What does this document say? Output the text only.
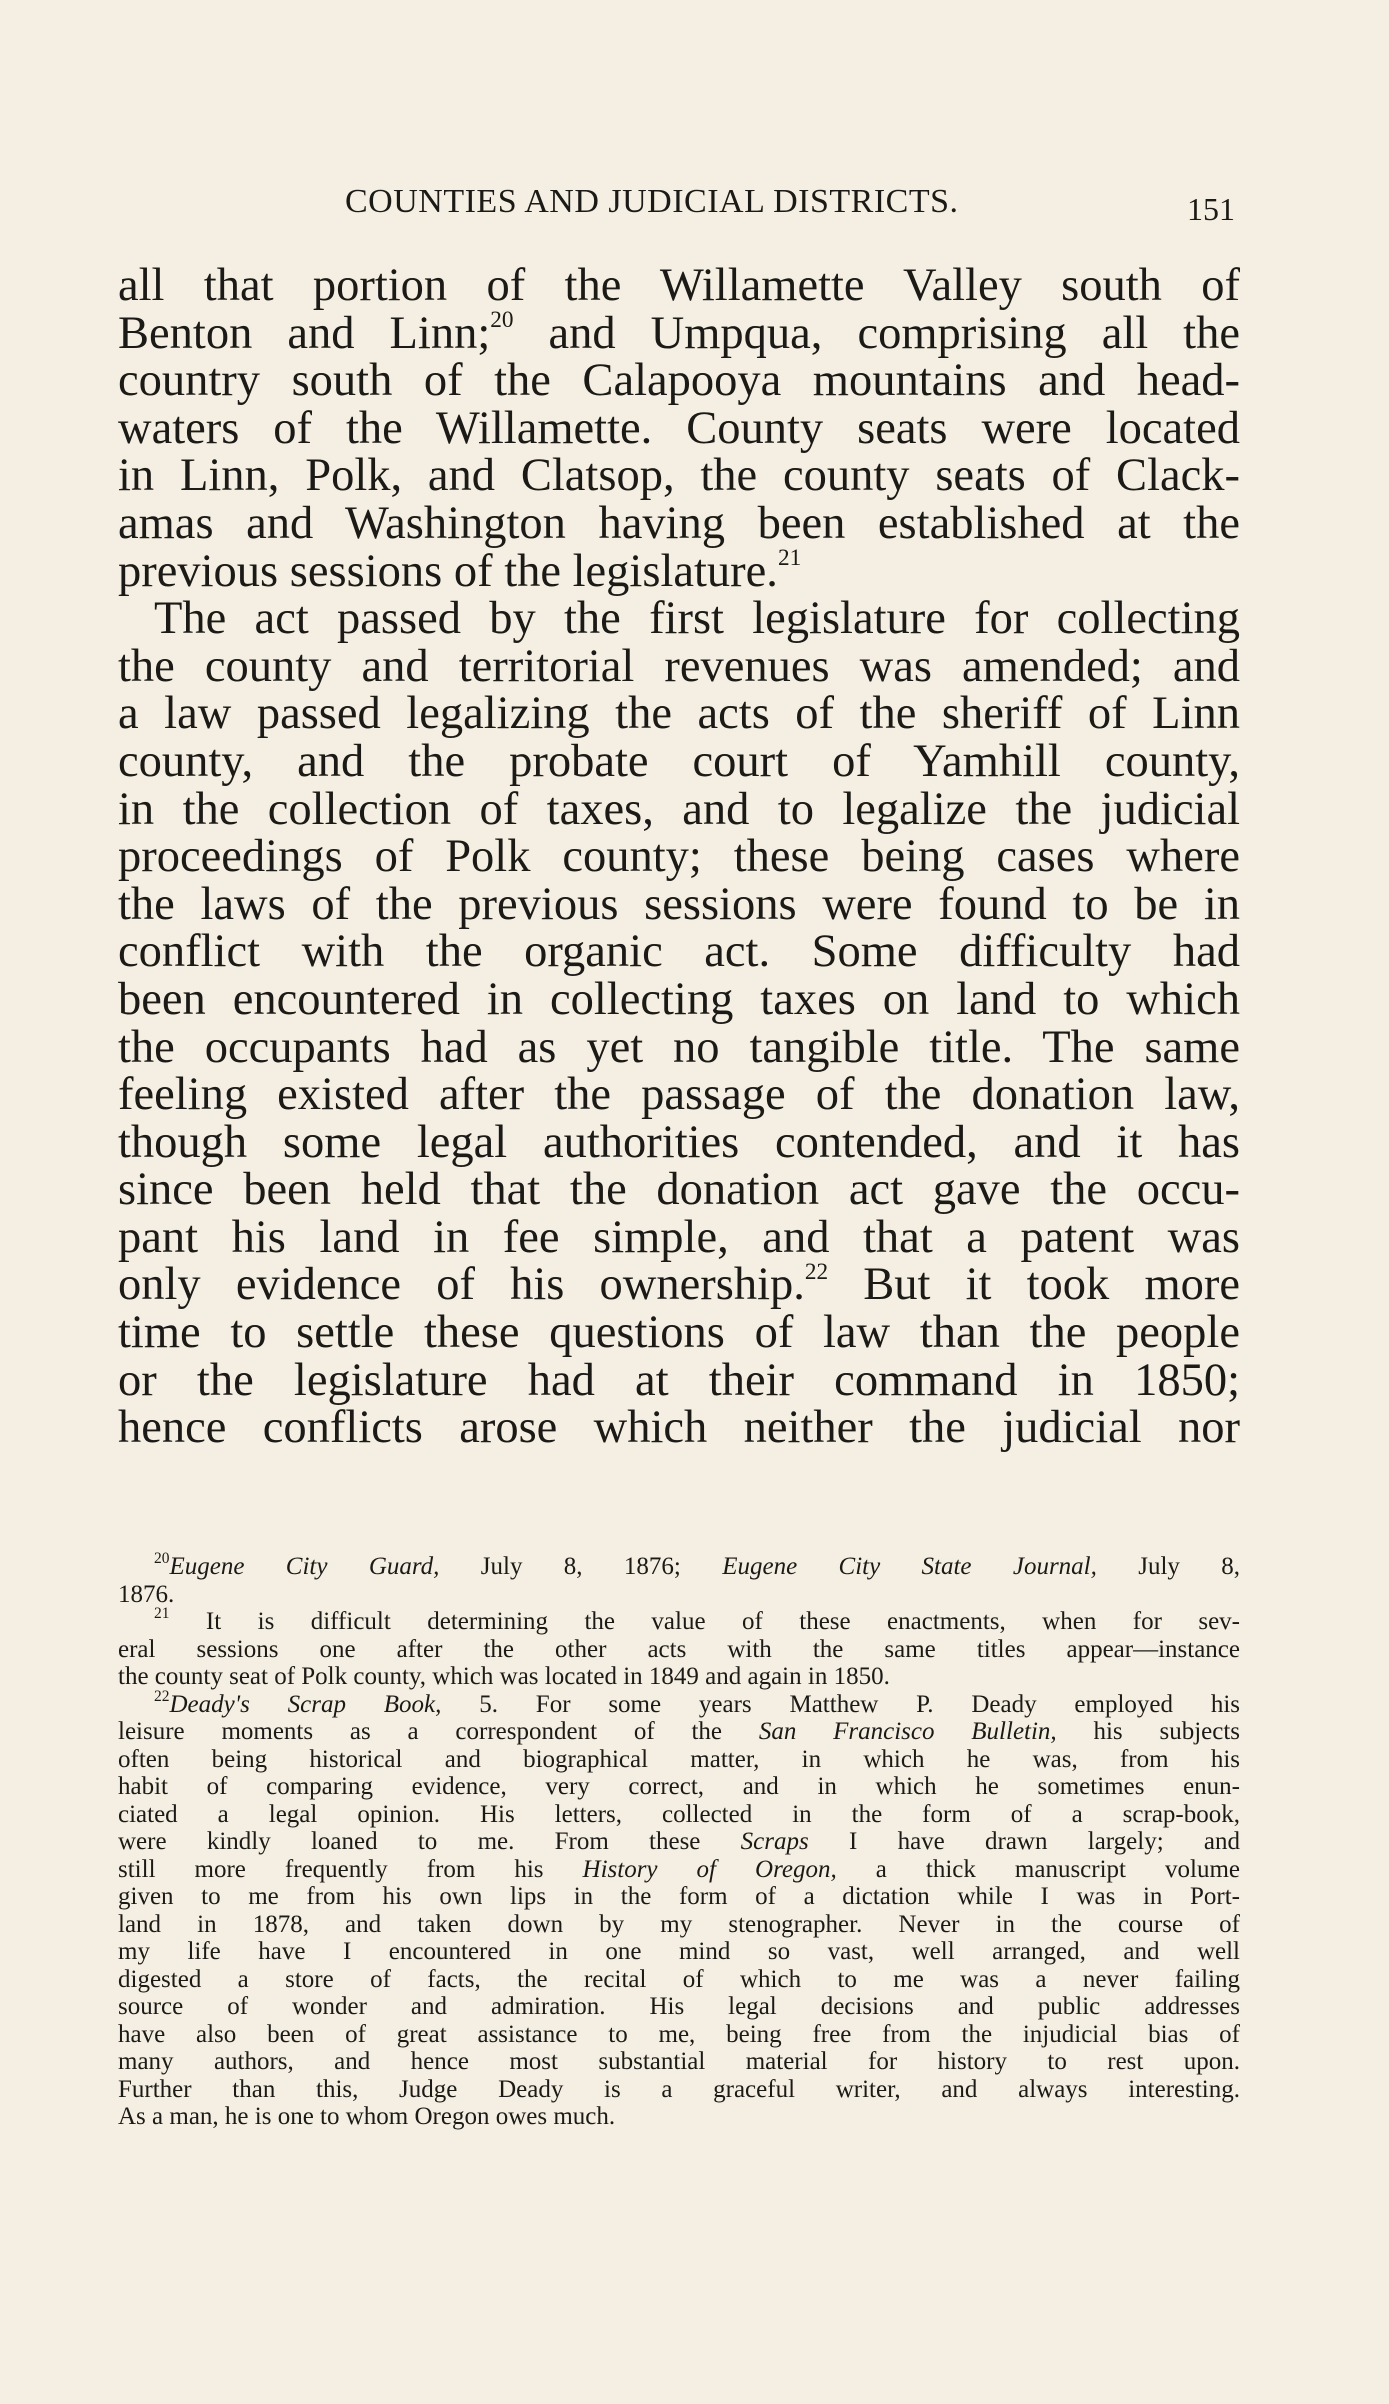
COUNTIES AND JUDICIAL DISTRICTS.	151
all that portion of the Willamette Valley south of
Benton and Linn;$^{20}$ and Umpqua, comprising all the
country south of the Calapooya mountains and head-
waters of the Willamette. County seats were located
in Linn, Polk, and Clatsop, the county seats of Clack-
amas and Washington having been established at the
previous sessions of the legislature.$^{21}$
The act passed by the first legislature for collecting
the county and territorial revenues was amended; and
a law passed legalizing the acts of the sheriff of Linn
county, and the probate court of Yamhill county,
in the collection of taxes, and to legalize the judicial
proceedings of Polk county; these being cases where
the laws of the previous sessions were found to be in
conflict with the organic act. Some difficulty had
been encountered in collecting taxes on land to which
the occupants had as yet no tangible title. The same
feeling existed after the passage of the donation law,
though some legal authorities contended, and it has
since been held that the donation act gave the occu-
pant his land in fee simple, and that a patent was
only evidence of his ownership.$^{22}$ But it took more
time to settle these questions of law than the people
or the legislature had at their command in 1850;
hence conflicts arose which neither the judicial nor
$^{20}$Eugene City Guard, July 8, 1876; Eugene City State Journal, July 8,
1876.
$^{21}$ It is difficult determining the value of these enactments, when for sev-
eral sessions one after the other acts with the same titles appear—instance
the county seat of Polk county, which was located in 1849 and again in 1850.
$^{22}$Deady's Scrap Book, 5. For some years Matthew P. Deady employed his
leisure moments as a correspondent of the San Francisco Bulletin, his subjects
often being historical and biographical matter, in which he was, from his
habit of comparing evidence, very correct, and in which he sometimes enun-
ciated a legal opinion. His letters, collected in the form of a scrap-book,
were kindly loaned to me. From these Scraps I have drawn largely; and
still more frequently from his History of Oregon, a thick manuscript volume
given to me from his own lips in the form of a dictation while I was in Port-
land in 1878, and taken down by my stenographer. Never in the course of
my life have I encountered in one mind so vast, well arranged, and well
digested a store of facts, the recital of which to me was a never failing
source of wonder and admiration. His legal decisions and public addresses
have also been of great assistance to me, being free from the injudicial bias of
many authors, and hence most substantial material for history to rest upon.
Further than this, Judge Deady is a graceful writer, and always interesting.
As a man, he is one to whom Oregon owes much.
